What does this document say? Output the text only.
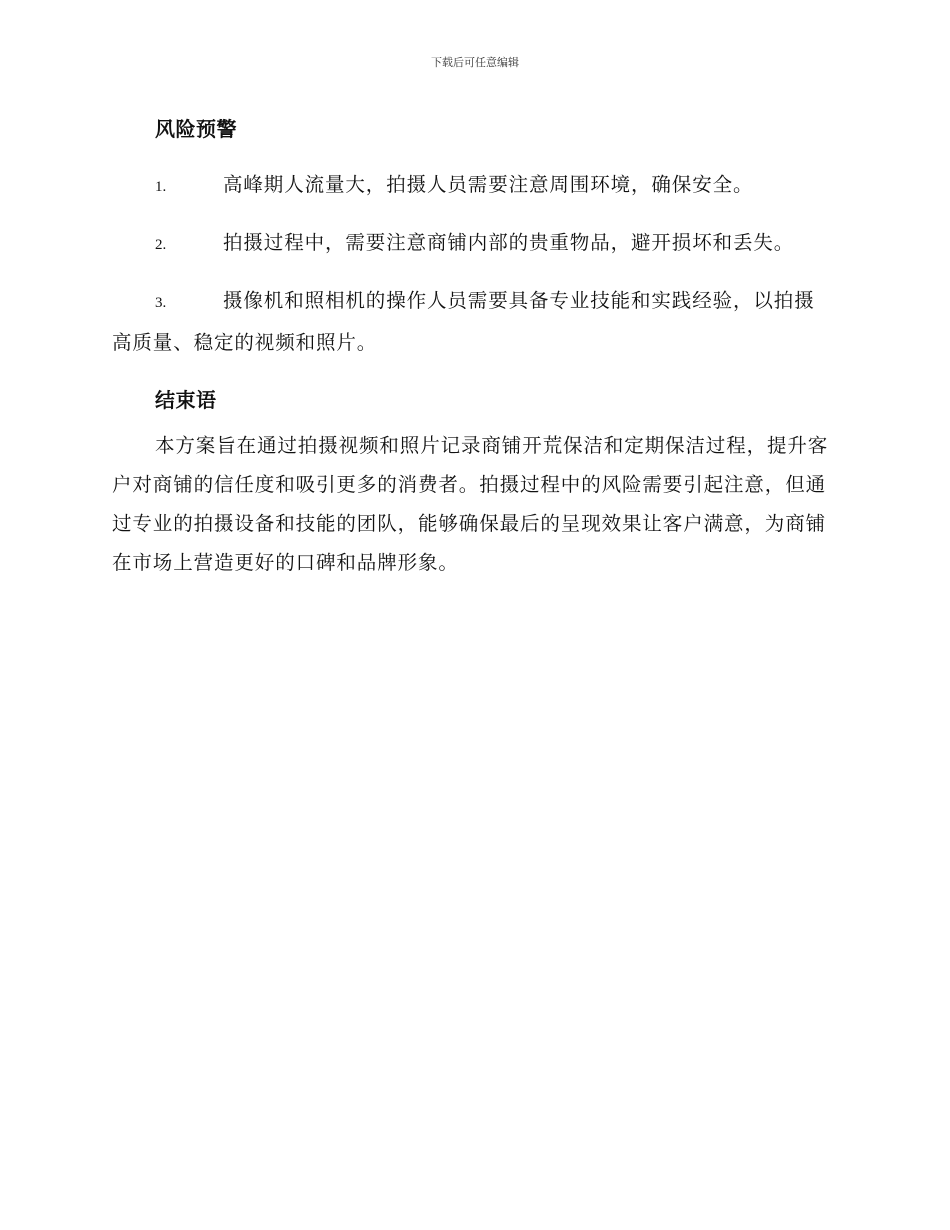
下载后可任意编辑
风险预警

1.	高峰期人流量大，拍摄人员需要注意周围环境，确保安全。

2.	拍摄过程中，需要注意商铺内部的贵重物品，避开损坏和丢失。

3.	摄像机和照相机的操作人员需要具备专业技能和实践经验，以拍摄高质量、稳定的视频和照片。

结束语

本方案旨在通过拍摄视频和照片记录商铺开荒保洁和定期保洁过程，提升客户对商铺的信任度和吸引更多的消费者。拍摄过程中的风险需要引起注意，但通过专业的拍摄设备和技能的团队，能够确保最后的呈现效果让客户满意，为商铺在市场上营造更好的口碑和品牌形象。
